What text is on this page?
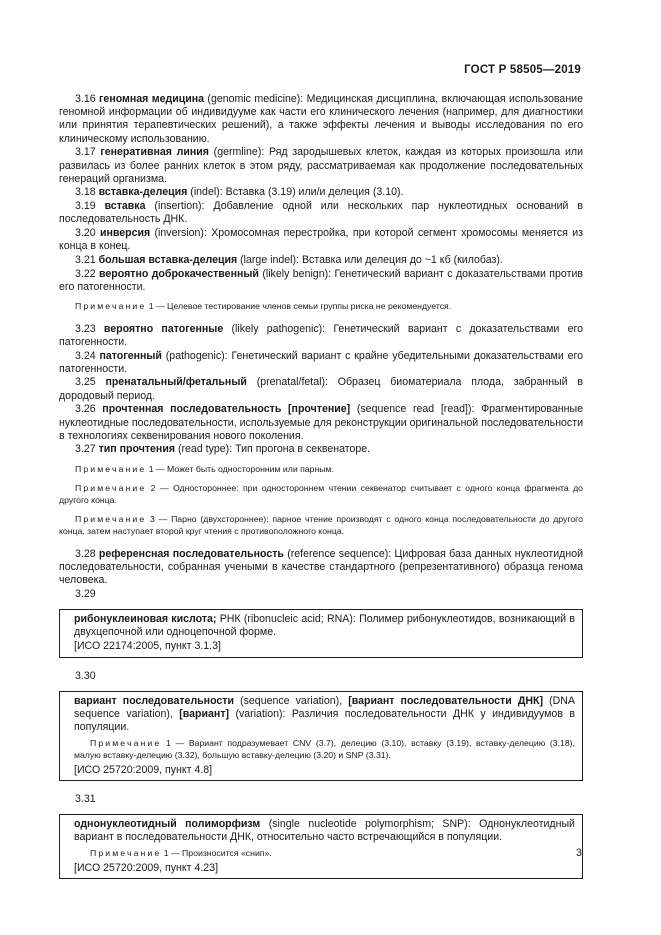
ГОСТ Р 58505—2019

3.16 геномная медицина (genomic medicine): Медицинская дисциплина, включающая использование геномной информации об индивидууме как части его клинического лечения (например, для диагностики или принятия терапевтических решений), а также эффекты лечения и выводы исследования по его клиническому использованию.

3.17 генеративная линия (germline): Ряд зародышевых клеток, каждая из которых произошла или развилась из более ранних клеток в этом ряду, рассматриваемая как продолжение последовательных генераций организма.

3.18 вставка-делеция (indel): Вставка (3.19) или/и делеция (3.10).

3.19 вставка (insertion): Добавление одной или нескольких пар нуклеотидных оснований в последовательность ДНК.

3.20 инверсия (inversion): Хромосомная перестройка, при которой сегмент хромосомы меняется из конца в конец.

3.21 большая вставка-делеция (large indel): Вставка или делеция до ~1 кб (килобаз).

3.22 вероятно доброкачественный (likely benign): Генетический вариант с доказательствами против его патогенности.

Примечание 1 — Целевое тестирование членов семьи группы риска не рекомендуется.

3.23 вероятно патогенные (likely pathogenic): Генетический вариант с доказательствами его патогенности.

3.24 патогенный (pathogenic): Генетический вариант с крайне убедительными доказательствами его патогенности.

3.25 пренатальный/фетальный (prenatal/fetal): Образец биоматериала плода, забранный в дородовый период.

3.26 прочтенная последовательность [прочтение] (sequence read [read]): Фрагментированные нуклеотидные последовательности, используемые для реконструкции оригинальной последовательности в технологиях секвенирования нового поколения.

3.27 тип прочтения (read type): Тип прогона в секвенаторе.

Примечание 1 — Может быть односторонним или парным.

Примечание 2 — Одностороннее: при одностороннем чтении секвенатор считывает с одного конца фрагмента до другого конца.

Примечание 3 — Парно (двухстороннее): парное чтение производят с одного конца последовательности до другого конца, затем наступает второй круг чтения с противоположного конца.

3.28 референсная последовательность (reference sequence): Цифровая база данных нуклеотидной последовательности, собранная учеными в качестве стандартного (репрезентативного) образца генома человека.

3.29

рибонуклеиновая кислота; РНК (ribonucleic acid; RNA): Полимер рибонуклеотидов, возникающий в двухцепочной или одноцепочной форме.

[ИСО 22174:2005, пункт 3.1.3]

3.30

вариант последовательности (sequence variation), [вариант последовательности ДНК] (DNA sequence variation), [вариант] (variation): Различия последовательности ДНК у индивидуумов в популяции.

Примечание 1 — Вариант подразумевает CNV (3.7), делецию (3.10), вставку (3.19), вставку-делецию (3.18), малую вставку-делецию (3.32), большую вставку-делецию (3.20) и SNP (3.31).

[ИСО 25720:2009, пункт 4.8]

3.31

однонуклеотидный полиморфизм (single nucleotide polymorphism; SNP): Однонуклеотидный вариант в последовательности ДНК, относительно часто встречающийся в популяции.

Примечание 1 — Произносится «снип».

[ИСО 25720:2009, пункт 4.23]

3
